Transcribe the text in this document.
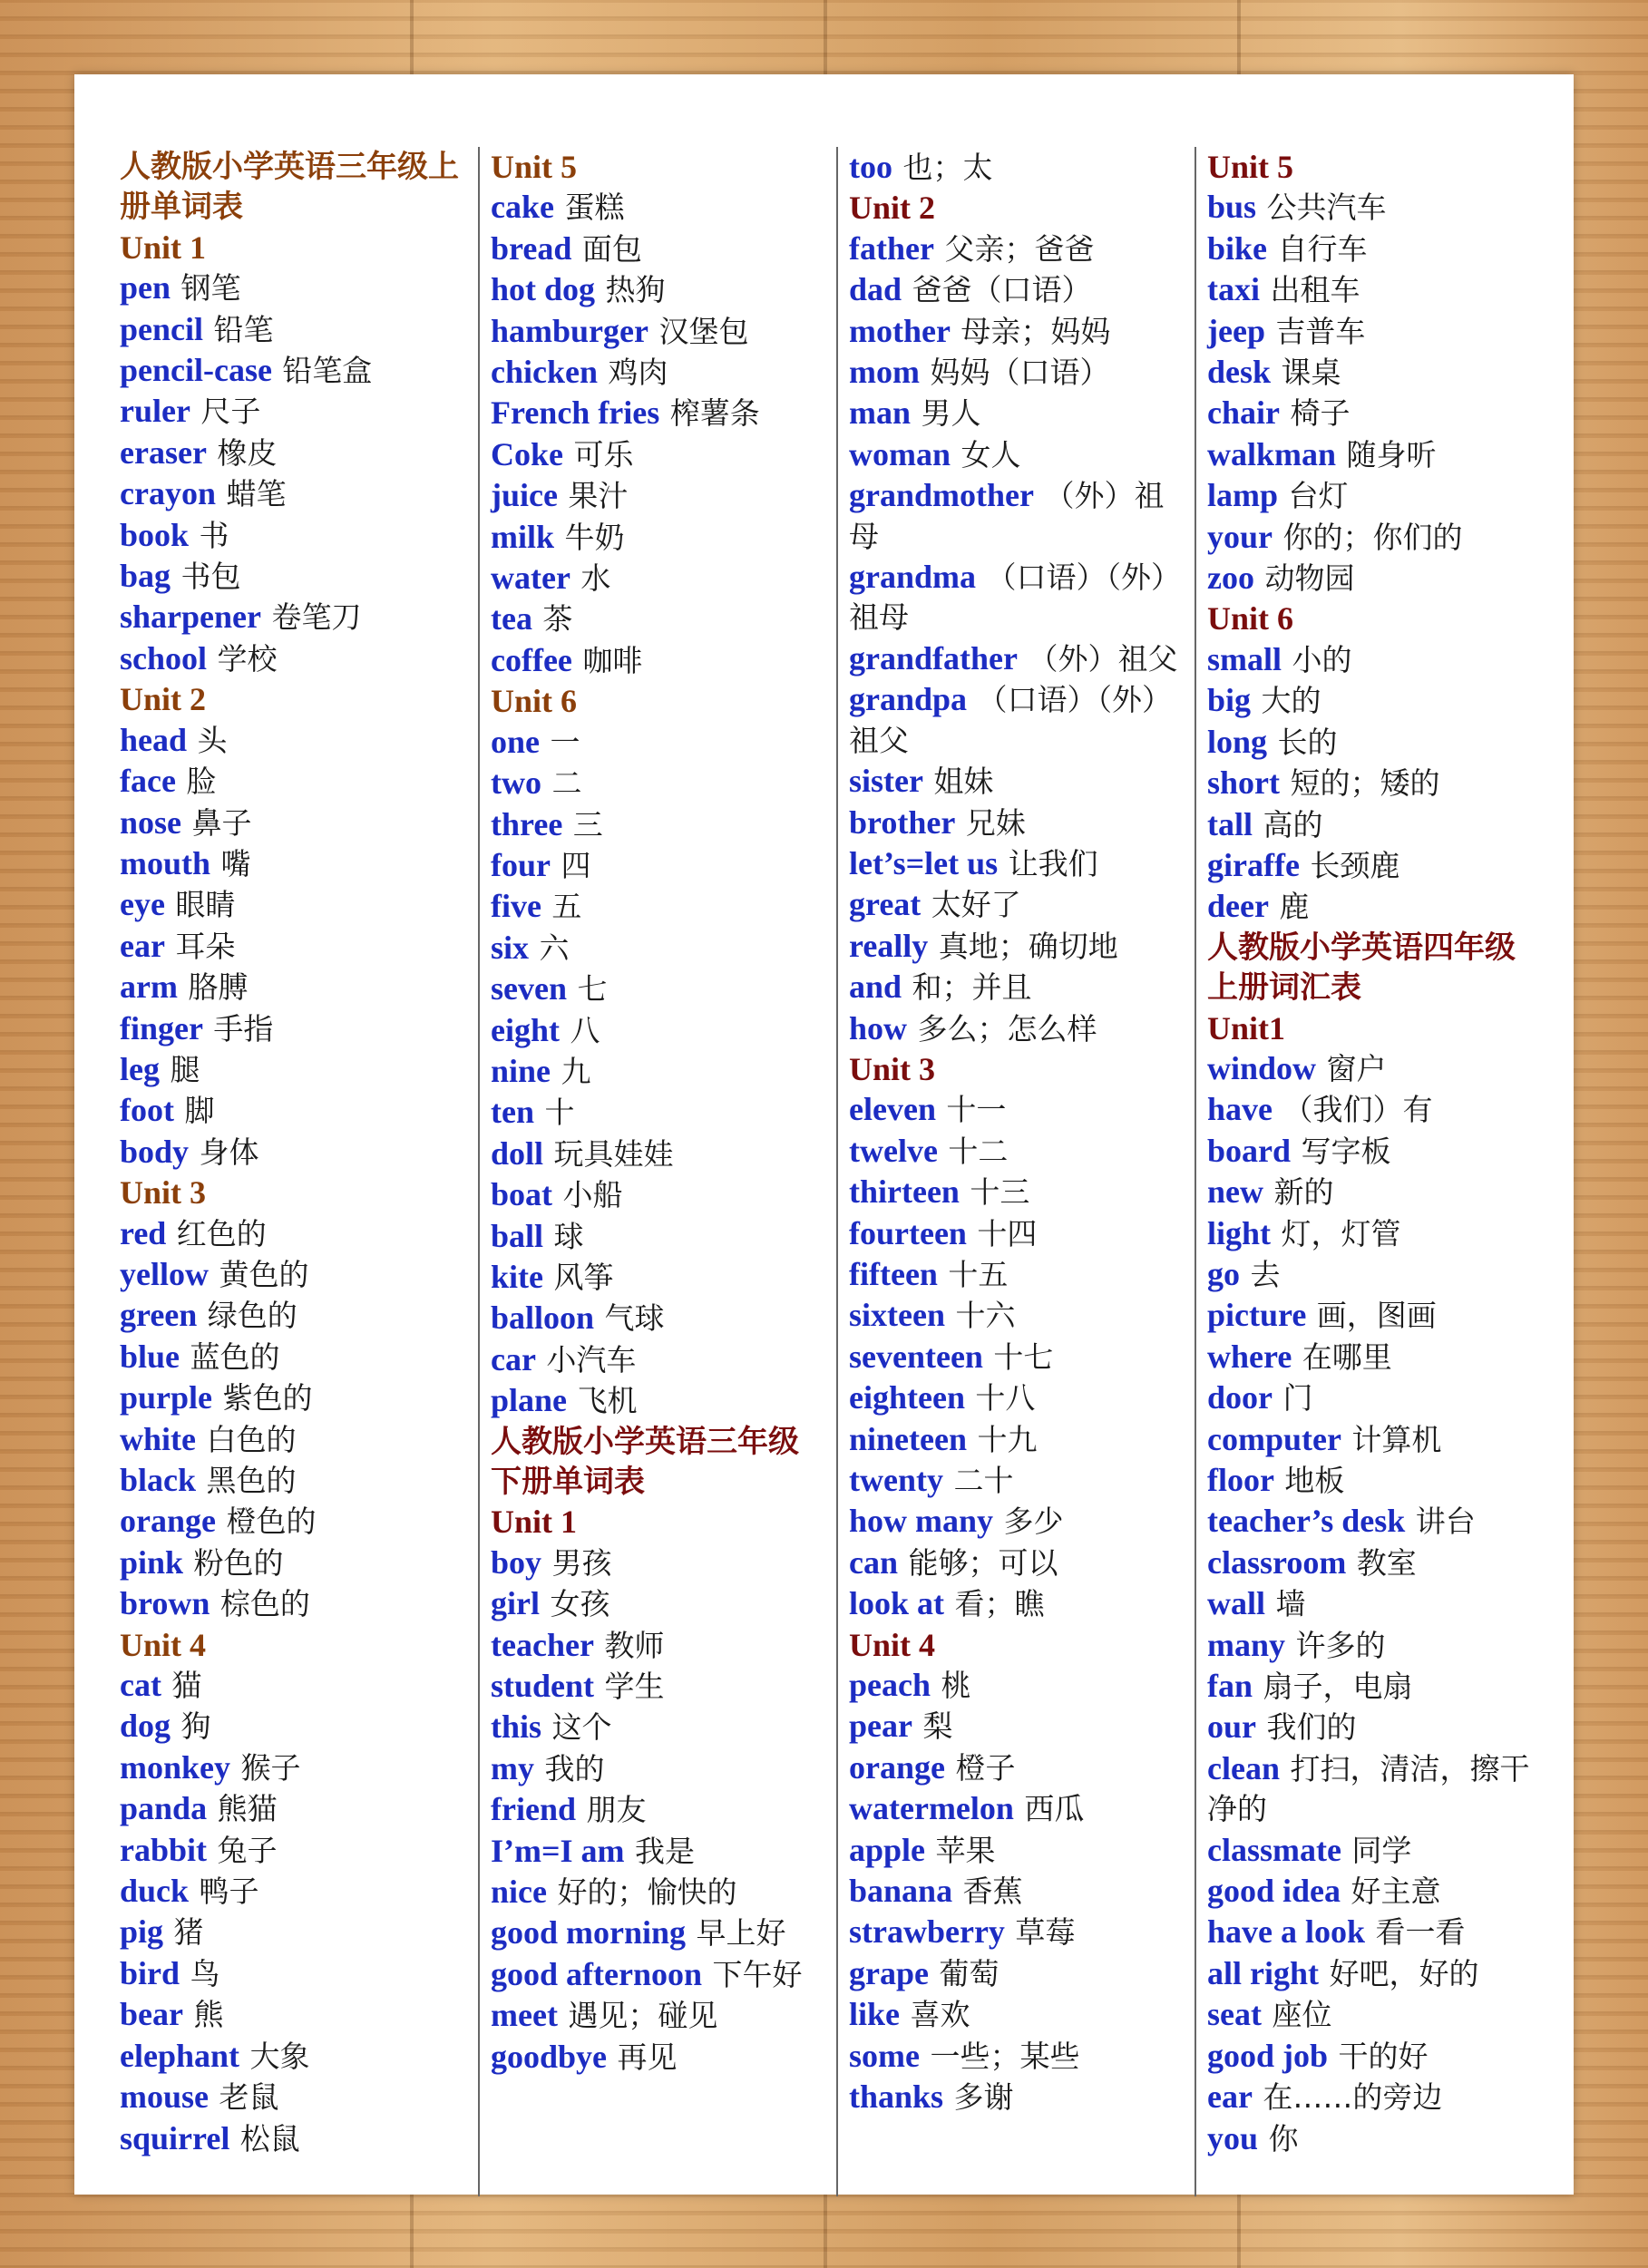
人教版小学英语三年级上册单词表
Unit 1
pen 钢笔
pencil 铅笔
pencil-case 铅笔盒
ruler 尺子
eraser 橡皮
crayon 蜡笔
book 书
bag 书包
sharpener 卷笔刀
school 学校
Unit 2
head 头
face 脸
nose 鼻子
mouth 嘴
eye 眼睛
ear 耳朵
arm 胳膊
finger 手指
leg 腿
foot 脚
body 身体
Unit 3
red 红色的
yellow 黄色的
green 绿色的
blue 蓝色的
purple 紫色的
white 白色的
black 黑色的
orange 橙色的
pink 粉色的
brown 棕色的
Unit 4
cat 猫
dog 狗
monkey 猴子
panda 熊猫
rabbit 兔子
duck 鸭子
pig 猪
bird 鸟
bear 熊
elephant 大象
mouse 老鼠
squirrel 松鼠
Unit 5
cake 蛋糕
bread 面包
hot dog 热狗
hamburger 汉堡包
chicken 鸡肉
French fries 榨薯条
Coke 可乐
juice 果汁
milk 牛奶
water 水
tea 茶
coffee 咖啡
Unit 6
one 一
two 二
three 三
four 四
five 五
six 六
seven 七
eight 八
nine 九
ten 十
doll 玩具娃娃
boat 小船
ball 球
kite 风筝
balloon 气球
car 小汽车
plane 飞机
人教版小学英语三年级下册单词表
Unit 1
boy 男孩
girl 女孩
teacher 教师
student 学生
this 这个
my 我的
friend 朋友
I’m=I am 我是
nice 好的；愉快的
good morning 早上好
good afternoon 下午好
meet 遇见；碰见
goodbye 再见
too 也；太
Unit 2
father 父亲；爸爸
dad 爸爸（口语）
mother 母亲；妈妈
mom 妈妈（口语）
man 男人
woman 女人
grandmother （外）祖母
grandma （口语）（外）祖母
grandfather （外）祖父
grandpa （口语）（外）祖父
sister 姐妹
brother 兄妹
let’s=let us 让我们
great 太好了
really 真地；确切地
and 和；并且
how 多么；怎么样
Unit 3
eleven 十一
twelve 十二
thirteen 十三
fourteen 十四
fifteen 十五
sixteen 十六
seventeen 十七
eighteen 十八
nineteen 十九
twenty 二十
how many 多少
can 能够；可以
look at 看；瞧
Unit 4
peach 桃
pear 梨
orange 橙子
watermelon 西瓜
apple 苹果
banana 香蕉
strawberry 草莓
grape 葡萄
like 喜欢
some 一些；某些
thanks 多谢
Unit 5
bus 公共汽车
bike 自行车
taxi 出租车
jeep 吉普车
desk 课桌
chair 椅子
walkman 随身听
lamp 台灯
your 你的；你们的
zoo 动物园
Unit 6
small 小的
big 大的
long 长的
short 短的；矮的
tall 高的
giraffe 长颈鹿
deer 鹿
人教版小学英语四年级上册词汇表
Unit1
window 窗户
have （我们）有
board 写字板
new 新的
light 灯，灯管
go 去
picture 画，图画
where 在哪里
door 门
computer 计算机
floor 地板
teacher’s desk 讲台
classroom 教室
wall 墙
many 许多的
fan 扇子，电扇
our 我们的
clean 打扫，清洁，擦干净的
classmate 同学
good idea 好主意
have a look 看一看
all right 好吧，好的
seat 座位
good job 干的好
ear 在……的旁边
you 你
